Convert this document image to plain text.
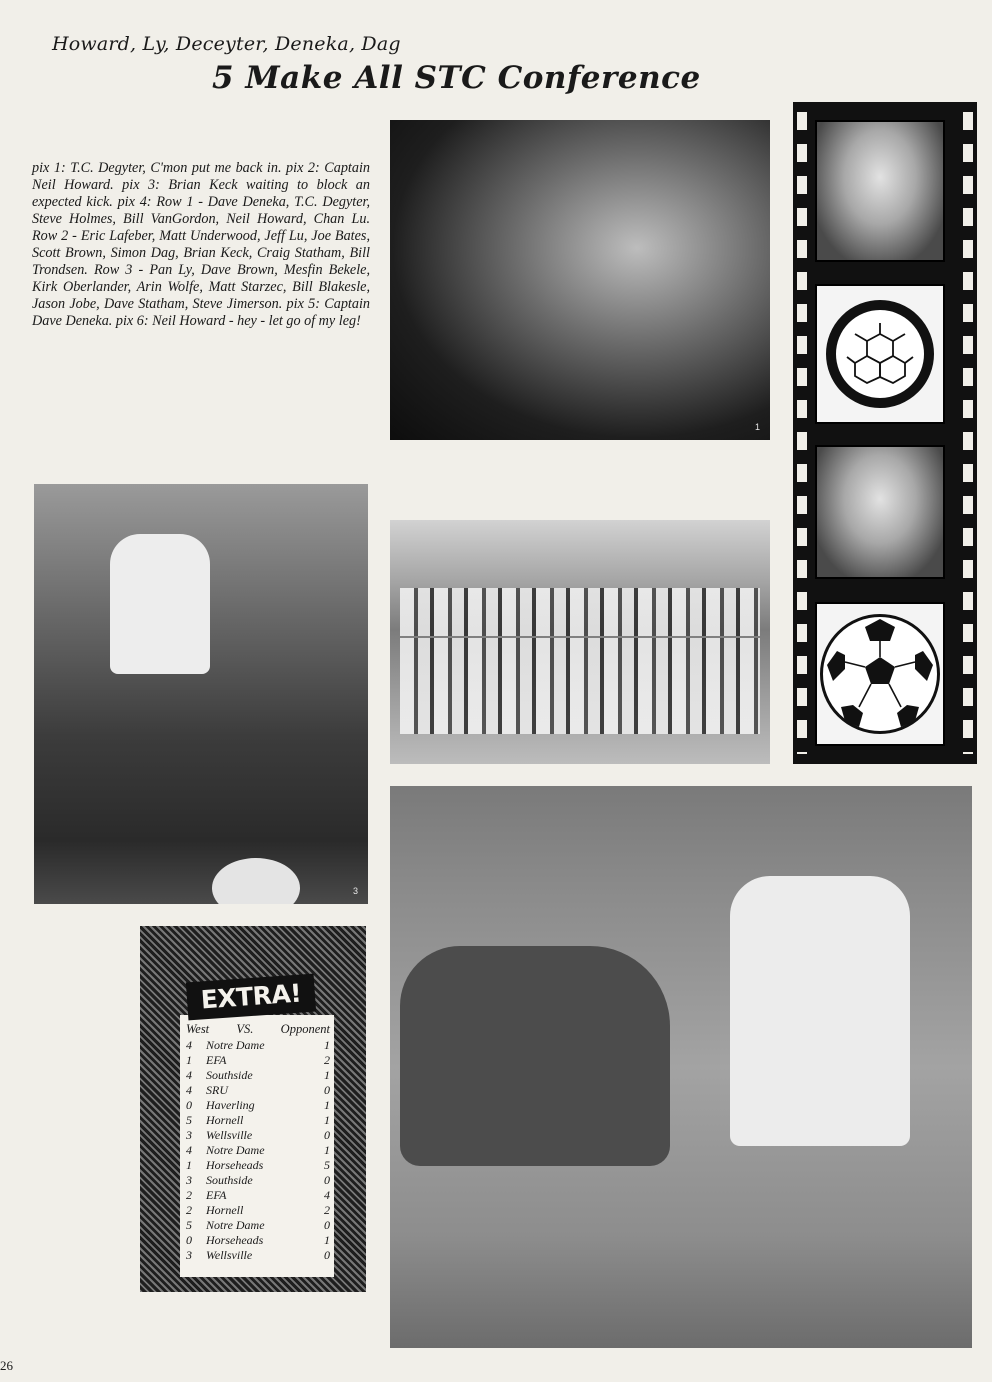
Howard, Ly, Deceyter, Deneka, Dag
5 Make All STC Conference
pix 1: T.C. Degyter, C'mon put me back in. pix 2: Captain Neil Howard. pix 3: Brian Keck waiting to block an expected kick. pix 4: Row 1 - Dave Deneka, T.C. Degyter, Steve Holmes, Bill VanGordon, Neil Howard, Chan Lu. Row 2 - Eric Lafeber, Matt Underwood, Jeff Lu, Joe Bates, Scott Brown, Simon Dag, Brian Keck, Craig Statham, Bill Trondsen. Row 3 - Pan Ly, Dave Brown, Mesfin Bekele, Kirk Oberlander, Arin Wolfe, Matt Starzec, Bill Blakesle, Jason Jobe, Dave Statham, Steve Jimerson. pix 5: Captain Dave Deneka. pix 6: Neil Howard - hey - let go of my leg!
1
3
EXTRA!
West VS. Opponent
4	Notre Dame	1
1	EFA	2
4	Southside	1
4	SRU	0
0	Haverling	1
5	Hornell	1
3	Wellsville	0
4	Notre Dame	1
1	Horseheads	5
3	Southside	0
2	EFA	4
2	Hornell	2
5	Notre Dame	0
0	Horseheads	1
3	Wellsville	0
26
